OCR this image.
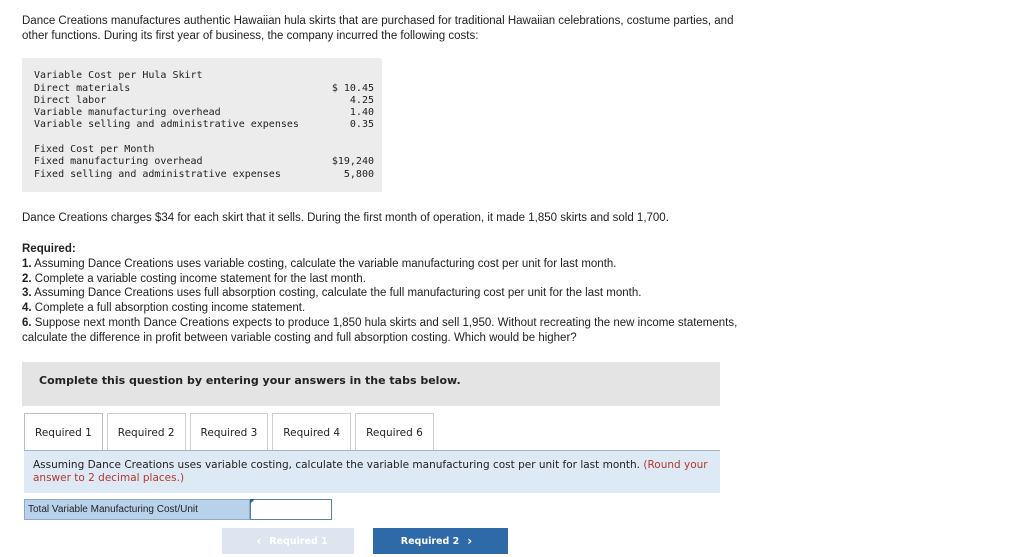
Dance Creations manufactures authentic Hawaiian hula skirts that are purchased for traditional Hawaiian celebrations, costume parties, and other functions. During its first year of business, the company incurred the following costs:
Variable Cost per Hula Skirt
Direct materials	$ 10.45
Direct labor	4.25
Variable manufacturing overhead	1.40
Variable selling and administrative expenses	0.35
Fixed Cost per Month
Fixed manufacturing overhead	$19,240
Fixed selling and administrative expenses	5,800
Dance Creations charges $34 for each skirt that it sells. During the first month of operation, it made 1,850 skirts and sold 1,700.
Required:
1. Assuming Dance Creations uses variable costing, calculate the variable manufacturing cost per unit for last month.
2. Complete a variable costing income statement for the last month.
3. Assuming Dance Creations uses full absorption costing, calculate the full manufacturing cost per unit for the last month.
4. Complete a full absorption costing income statement.
6. Suppose next month Dance Creations expects to produce 1,850 hula skirts and sell 1,950. Without recreating the new income statements, calculate the difference in profit between variable costing and full absorption costing. Which would be higher?
Complete this question by entering your answers in the tabs below.
Required 1	Required 2	Required 3	Required 4	Required 6
Assuming Dance Creations uses variable costing, calculate the variable manufacturing cost per unit for last month. (Round your answer to 2 decimal places.)
Total Variable Manufacturing Cost/Unit
‹ Required 1	Required 2 ›
